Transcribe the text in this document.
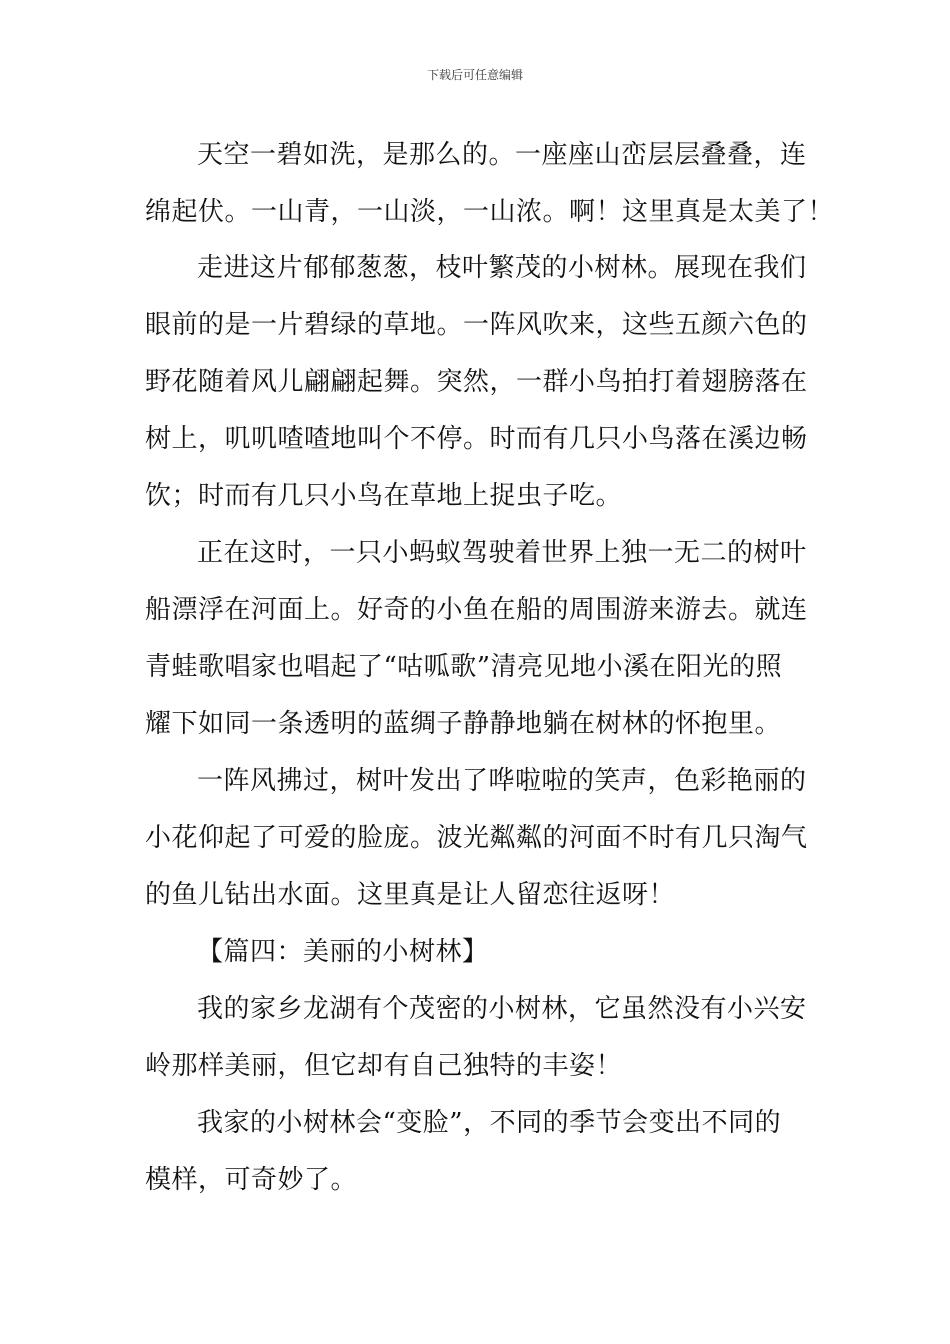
下载后可任意编辑
天空一碧如洗，是那么的。一座座山峦层层叠叠，连
绵起伏。一山青，一山淡，一山浓。啊！这里真是太美了！
走进这片郁郁葱葱，枝叶繁茂的小树林。展现在我们
眼前的是一片碧绿的草地。一阵风吹来，这些五颜六色的
野花随着风儿翩翩起舞。突然，一群小鸟拍打着翅膀落在
树上，叽叽喳喳地叫个不停。时而有几只小鸟落在溪边畅
饮；时而有几只小鸟在草地上捉虫子吃。
正在这时，一只小蚂蚁驾驶着世界上独一无二的树叶
船漂浮在河面上。好奇的小鱼在船的周围游来游去。就连
青蛙歌唱家也唱起了“咕呱歌”清亮见地小溪在阳光的照
耀下如同一条透明的蓝绸子静静地躺在树林的怀抱里。
一阵风拂过，树叶发出了哗啦啦的笑声，色彩艳丽的
小花仰起了可爱的脸庞。波光粼粼的河面不时有几只淘气
的鱼儿钻出水面。这里真是让人留恋往返呀！
【篇四：美丽的小树林】
我的家乡龙湖有个茂密的小树林，它虽然没有小兴安
岭那样美丽，但它却有自己独特的丰姿！
我家的小树林会“变脸”，不同的季节会变出不同的
模样，可奇妙了。
